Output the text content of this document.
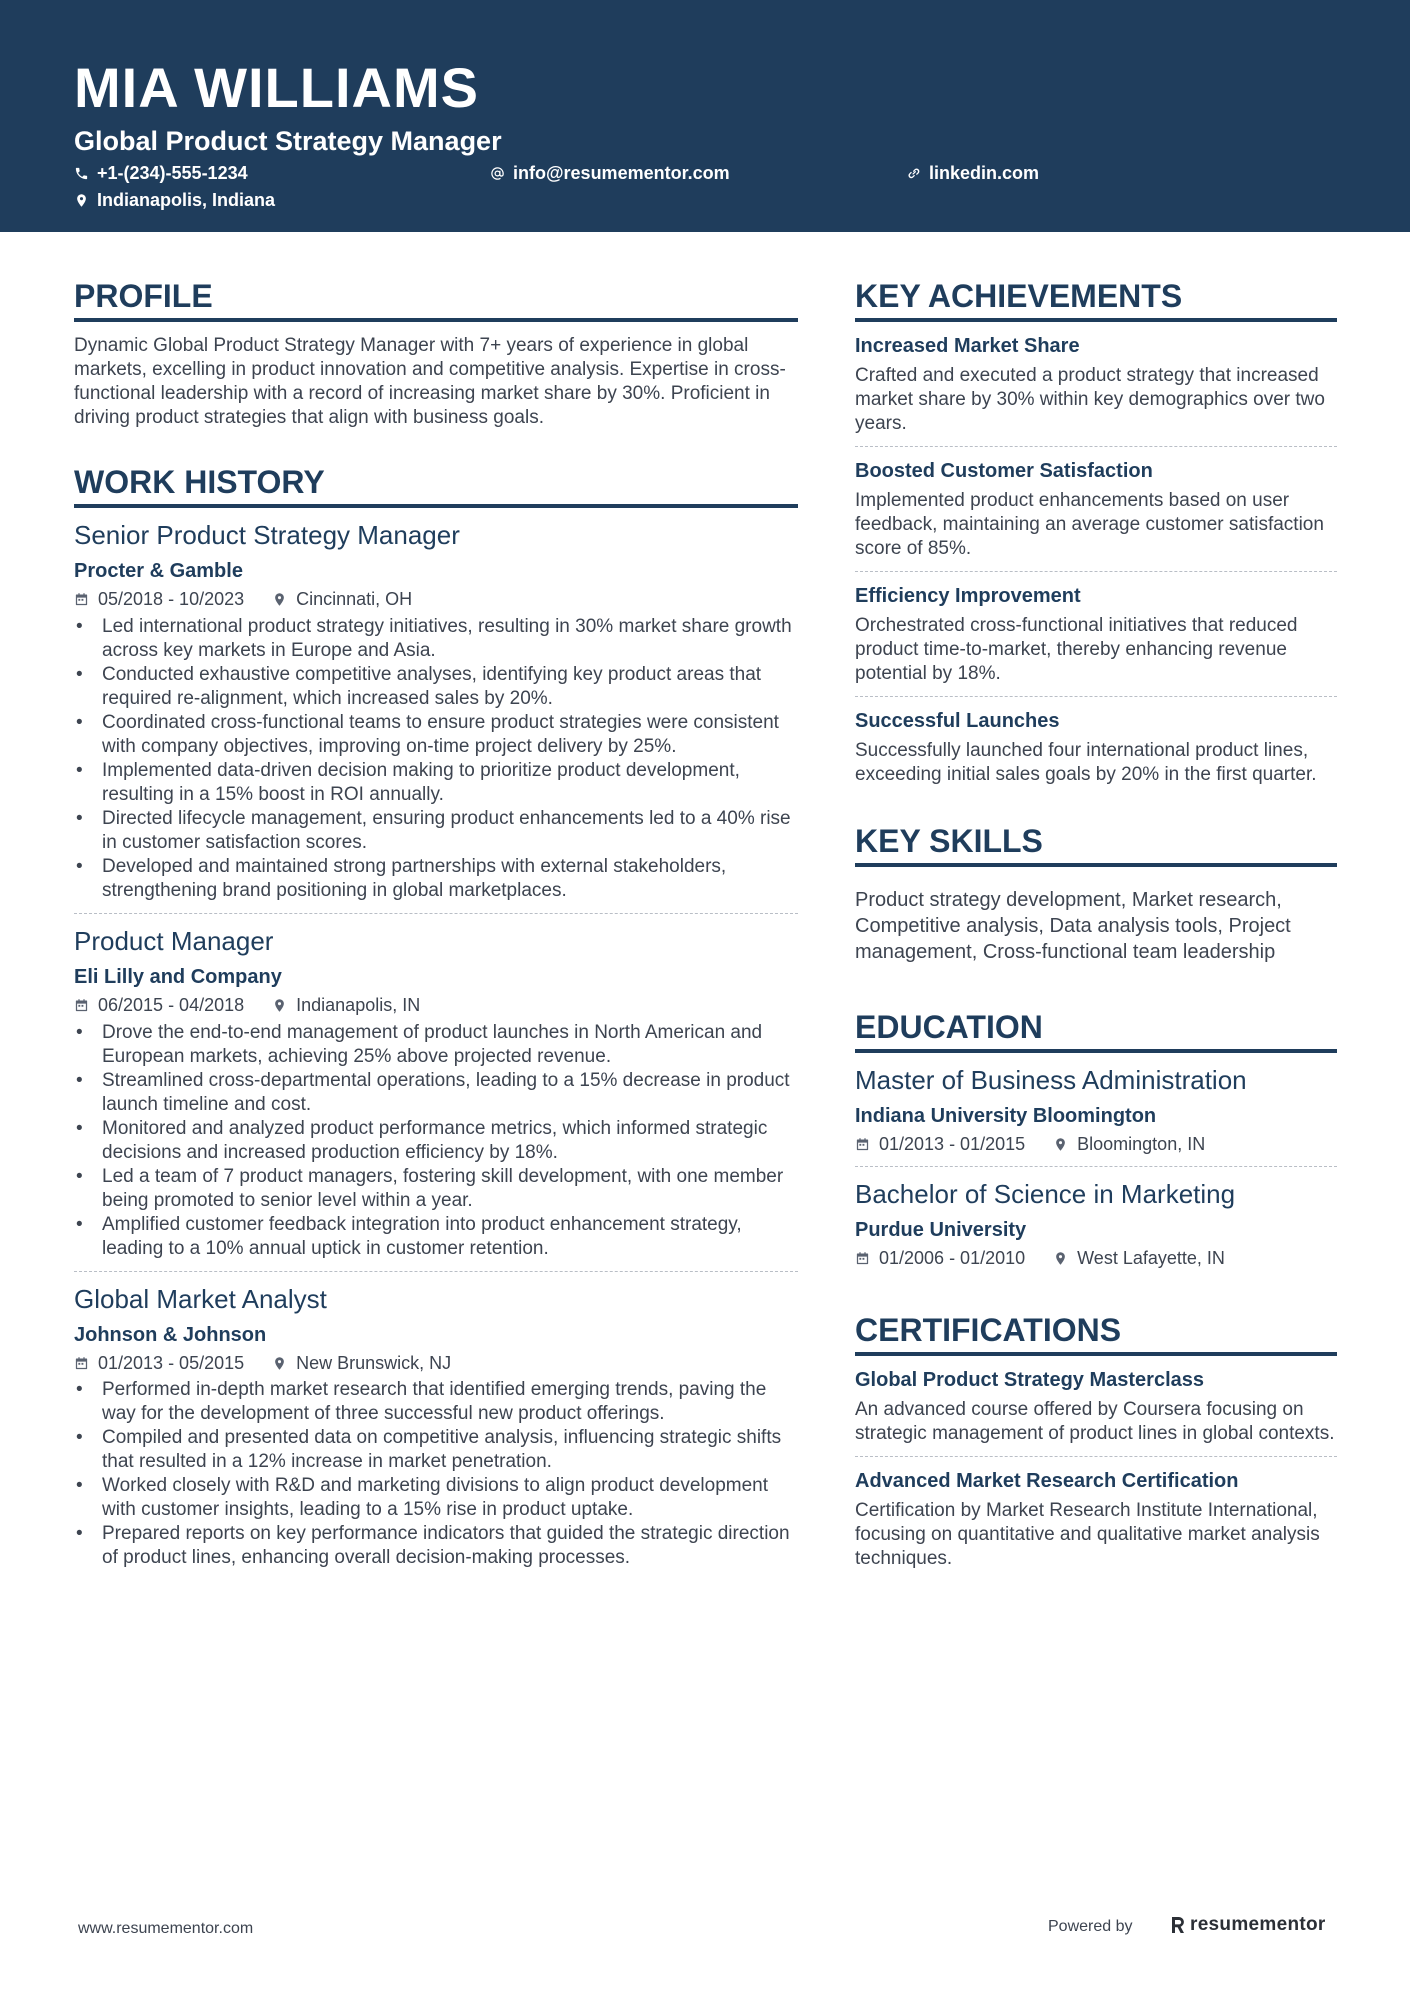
MIA WILLIAMS
Global Product Strategy Manager
+1-(234)-555-1234	info@resumementor.com	linkedin.com
Indianapolis, Indiana
PROFILE
Dynamic Global Product Strategy Manager with 7+ years of experience in global markets, excelling in product innovation and competitive analysis. Expertise in cross-functional leadership with a record of increasing market share by 30%. Proficient in driving product strategies that align with business goals.
WORK HISTORY
Senior Product Strategy Manager
Procter & Gamble
05/2018 - 10/2023	Cincinnati, OH
• Led international product strategy initiatives, resulting in 30% market share growth across key markets in Europe and Asia.
• Conducted exhaustive competitive analyses, identifying key product areas that required re-alignment, which increased sales by 20%.
• Coordinated cross-functional teams to ensure product strategies were consistent with company objectives, improving on-time project delivery by 25%.
• Implemented data-driven decision making to prioritize product development, resulting in a 15% boost in ROI annually.
• Directed lifecycle management, ensuring product enhancements led to a 40% rise in customer satisfaction scores.
• Developed and maintained strong partnerships with external stakeholders, strengthening brand positioning in global marketplaces.
Product Manager
Eli Lilly and Company
06/2015 - 04/2018	Indianapolis, IN
• Drove the end-to-end management of product launches in North American and European markets, achieving 25% above projected revenue.
• Streamlined cross-departmental operations, leading to a 15% decrease in product launch timeline and cost.
• Monitored and analyzed product performance metrics, which informed strategic decisions and increased production efficiency by 18%.
• Led a team of 7 product managers, fostering skill development, with one member being promoted to senior level within a year.
• Amplified customer feedback integration into product enhancement strategy, leading to a 10% annual uptick in customer retention.
Global Market Analyst
Johnson & Johnson
01/2013 - 05/2015	New Brunswick, NJ
• Performed in-depth market research that identified emerging trends, paving the way for the development of three successful new product offerings.
• Compiled and presented data on competitive analysis, influencing strategic shifts that resulted in a 12% increase in market penetration.
• Worked closely with R&D and marketing divisions to align product development with customer insights, leading to a 15% rise in product uptake.
• Prepared reports on key performance indicators that guided the strategic direction of product lines, enhancing overall decision-making processes.
KEY ACHIEVEMENTS
Increased Market Share
Crafted and executed a product strategy that increased market share by 30% within key demographics over two years.
Boosted Customer Satisfaction
Implemented product enhancements based on user feedback, maintaining an average customer satisfaction score of 85%.
Efficiency Improvement
Orchestrated cross-functional initiatives that reduced product time-to-market, thereby enhancing revenue potential by 18%.
Successful Launches
Successfully launched four international product lines, exceeding initial sales goals by 20% in the first quarter.
KEY SKILLS
Product strategy development, Market research, Competitive analysis, Data analysis tools, Project management, Cross-functional team leadership
EDUCATION
Master of Business Administration
Indiana University Bloomington
01/2013 - 01/2015	Bloomington, IN
Bachelor of Science in Marketing
Purdue University
01/2006 - 01/2010	West Lafayette, IN
CERTIFICATIONS
Global Product Strategy Masterclass
An advanced course offered by Coursera focusing on strategic management of product lines in global contexts.
Advanced Market Research Certification
Certification by Market Research Institute International, focusing on quantitative and qualitative market analysis techniques.
www.resumementor.com	Powered by	resumementor
